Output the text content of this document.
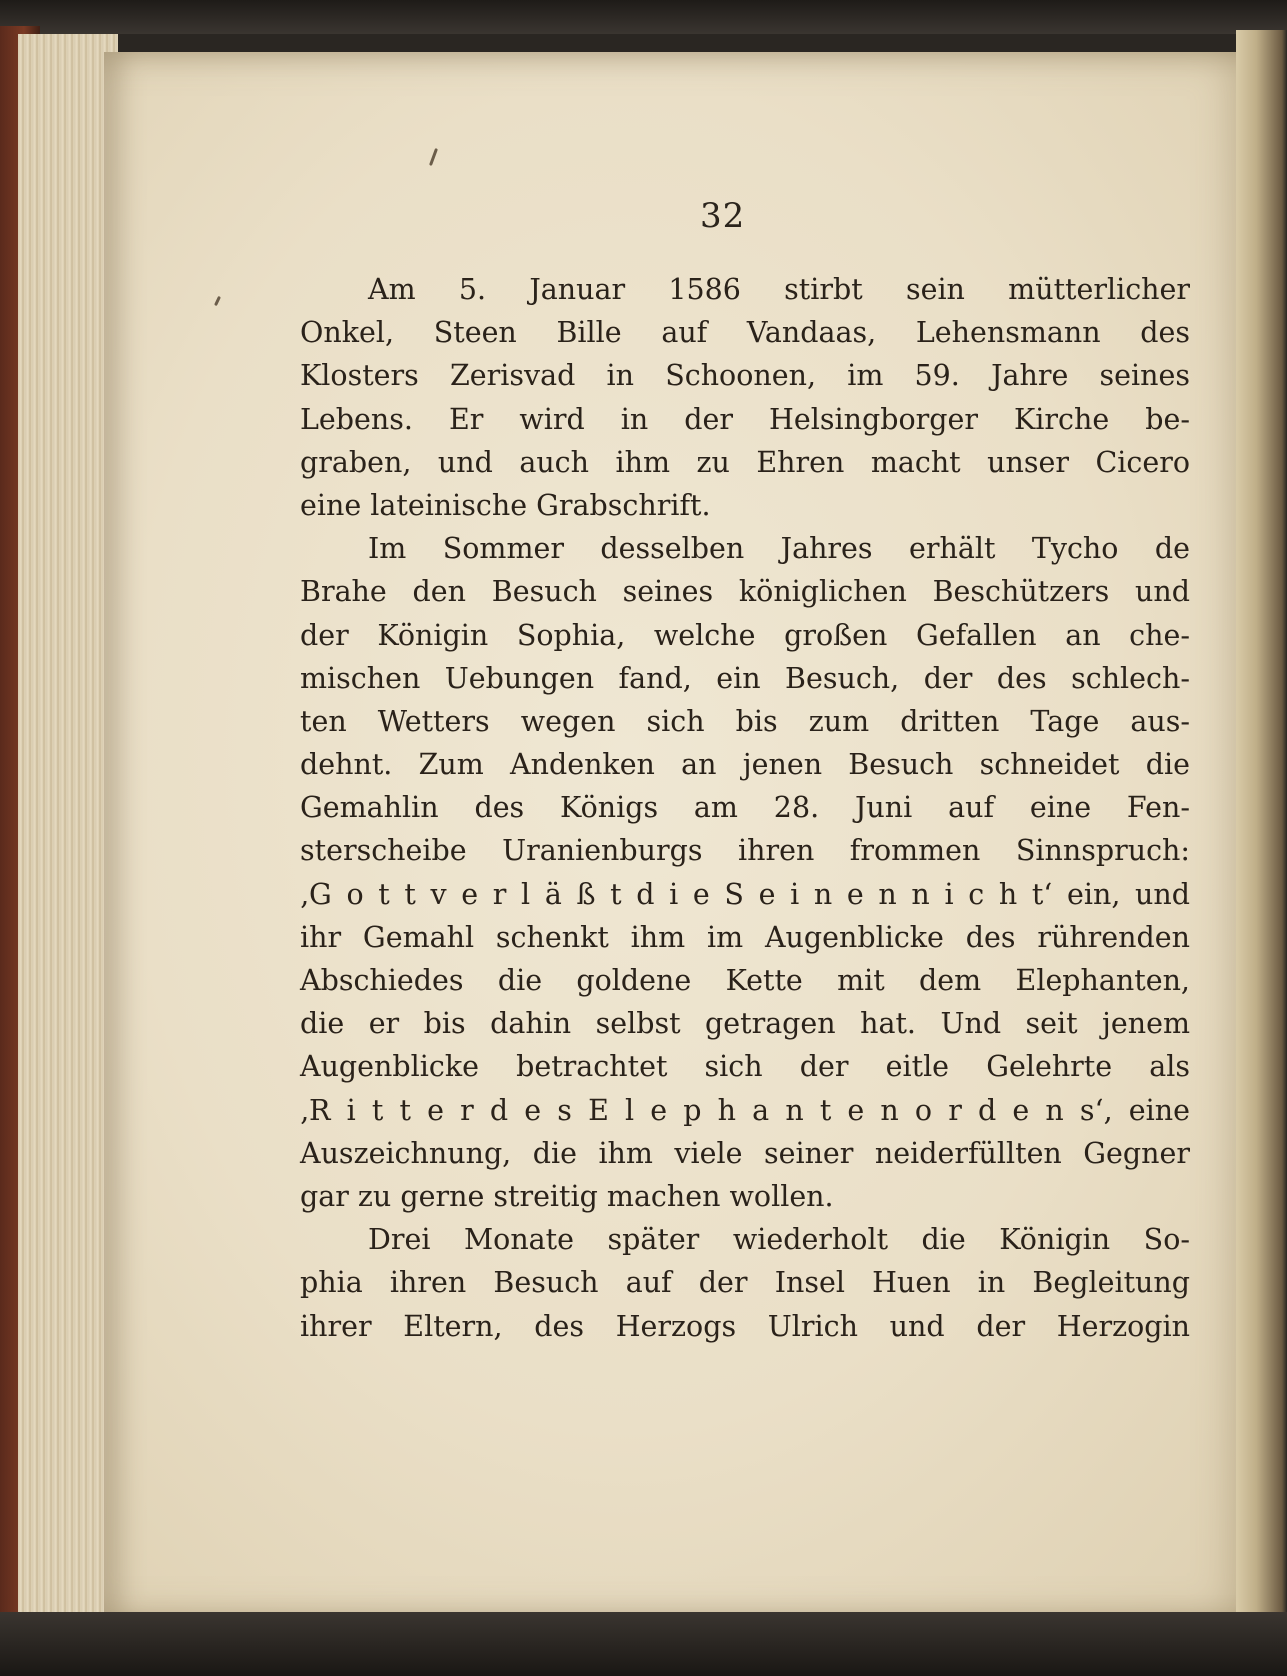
32
Am 5. Januar 1586 stirbt sein mütterlicher
Onkel, Steen Bille auf Vandaas, Lehensmann des
Klosters Zerisvad in Schoonen, im 59. Jahre seines
Lebens. Er wird in der Helsingborger Kirche be-
graben, und auch ihm zu Ehren macht unser Cicero
eine lateinische Grabschrift.
Im Sommer desselben Jahres erhält Tycho de
Brahe den Besuch seines königlichen Beschützers und
der Königin Sophia, welche großen Gefallen an che-
mischen Uebungen fand, ein Besuch, der des schlech-
ten Wetters wegen sich bis zum dritten Tage aus-
dehnt. Zum Andenken an jenen Besuch schneidet die
Gemahlin des Königs am 28. Juni auf eine Fen-
sterscheibe Uranienburgs ihren frommen Sinnspruch:
‚G o t t v e r l ä ß t d i e S e i n e n n i c h t‘ ein, und
ihr Gemahl schenkt ihm im Augenblicke des rührenden
Abschiedes die goldene Kette mit dem Elephanten,
die er bis dahin selbst getragen hat. Und seit jenem
Augenblicke betrachtet sich der eitle Gelehrte als
‚R i t t e r d e s E l e p h a n t e n o r d e n s‘, eine
Auszeichnung, die ihm viele seiner neiderfüllten Gegner
gar zu gerne streitig machen wollen.
Drei Monate später wiederholt die Königin So-
phia ihren Besuch auf der Insel Huen in Begleitung
ihrer Eltern, des Herzogs Ulrich und der Herzogin
